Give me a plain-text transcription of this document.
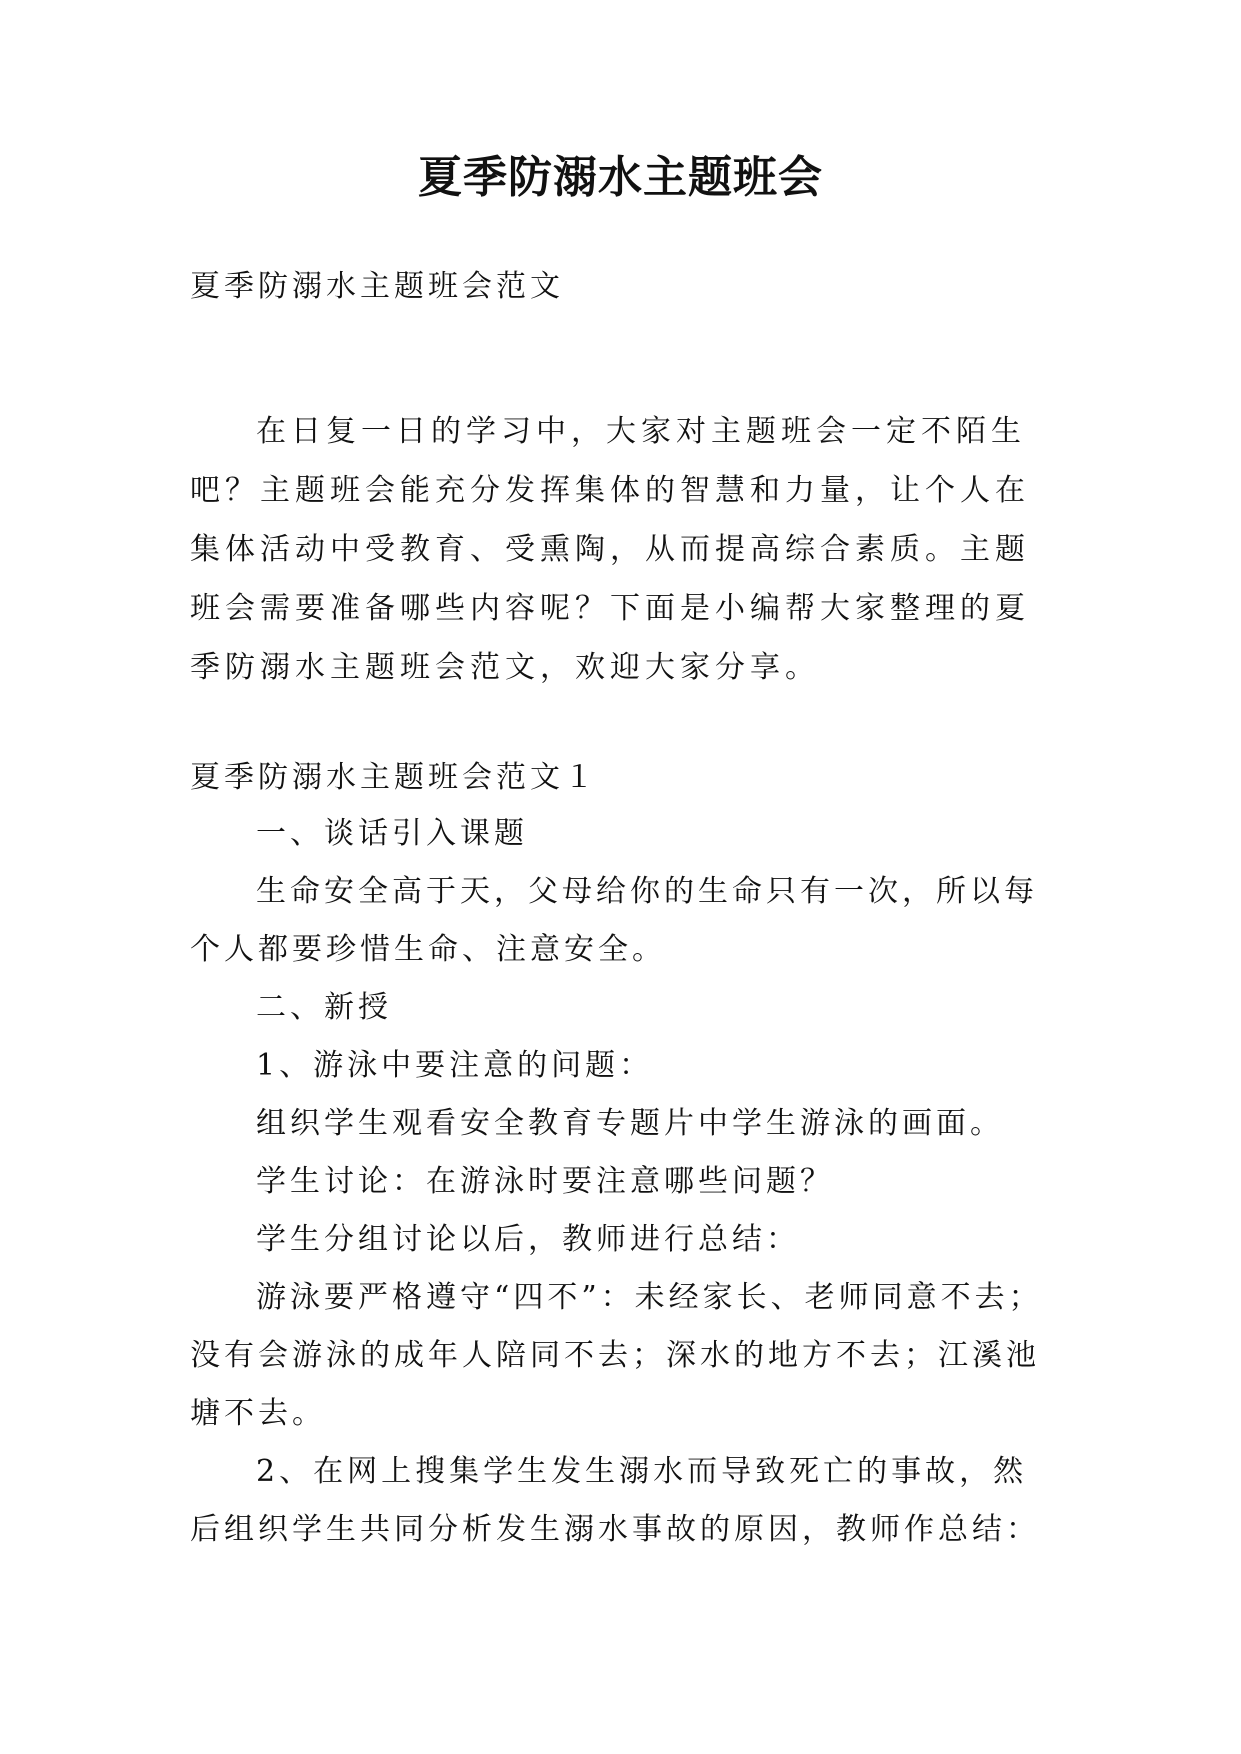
夏季防溺水主题班会
夏季防溺水主题班会范文
在日复一日的学习中，大家对主题班会一定不陌生吧？主题班会能充分发挥集体的智慧和力量，让个人在集体活动中受教育、受熏陶，从而提高综合素质。主题班会需要准备哪些内容呢？下面是小编帮大家整理的夏季防溺水主题班会范文，欢迎大家分享。
夏季防溺水主题班会范文１

一、谈话引入课题

生命安全高于天，父母给你的生命只有一次，所以每个人都要珍惜生命、注意安全。

二、新授

1、游泳中要注意的问题：

组织学生观看安全教育专题片中学生游泳的画面。

学生讨论：在游泳时要注意哪些问题？

学生分组讨论以后，教师进行总结：

游泳要严格遵守“四不”：未经家长、老师同意不去；没有会游泳的成年人陪同不去；深水的地方不去；江溪池塘不去。

2、在网上搜集学生发生溺水而导致死亡的事故，然后组织学生共同分析发生溺水事故的原因，教师作总结：
